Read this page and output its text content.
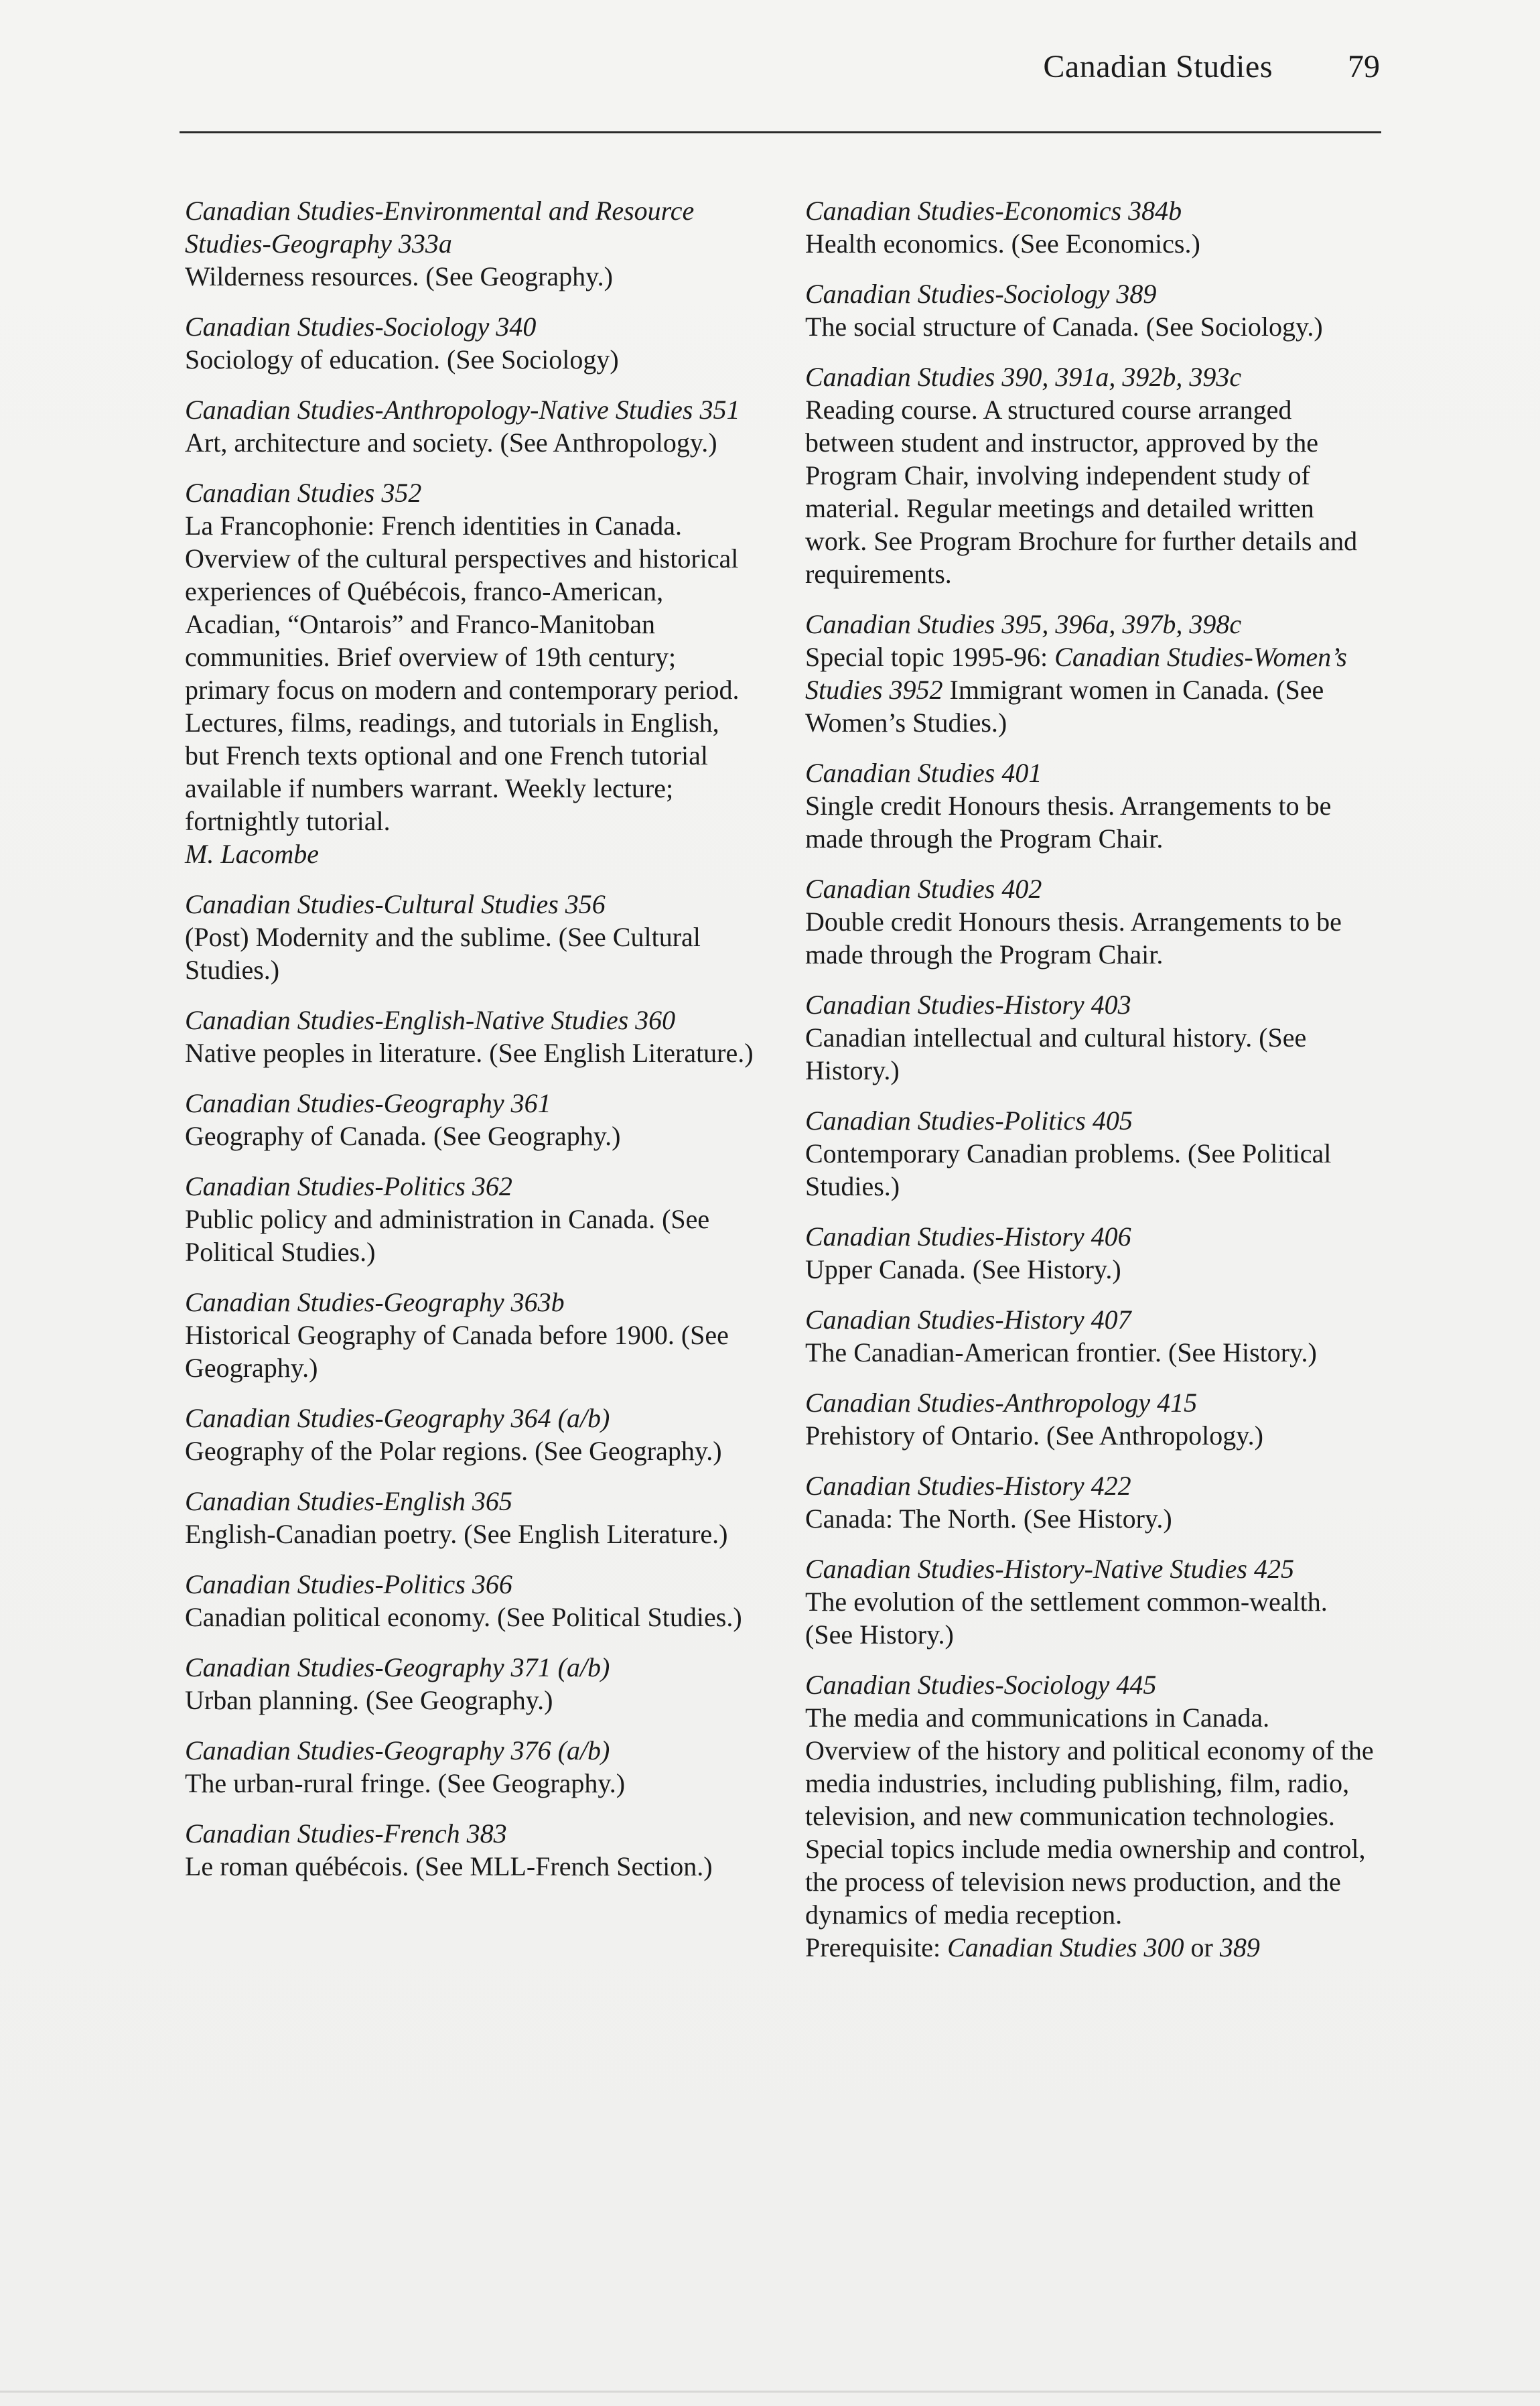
Canadian Studies 79
Canadian Studies-Environmental and Resource Studies-Geography 333a
Wilderness resources. (See Geography.)
Canadian Studies-Sociology 340
Sociology of education. (See Sociology)
Canadian Studies-Anthropology-Native Studies 351
Art, architecture and society. (See Anthropology.)
Canadian Studies 352
La Francophonie: French identities in Canada. Overview of the cultural perspectives and historical experiences of Québécois, franco-American, Acadian, “Ontarois” and Franco-Manitoban communities. Brief overview of 19th century; primary focus on modern and contemporary period. Lectures, films, readings, and tutorials in English, but French texts optional and one French tutorial available if numbers warrant. Weekly lecture; fortnightly tutorial.
M. Lacombe
Canadian Studies-Cultural Studies 356
(Post) Modernity and the sublime. (See Cultural Studies.)
Canadian Studies-English-Native Studies 360
Native peoples in literature. (See English Literature.)
Canadian Studies-Geography 361
Geography of Canada. (See Geography.)
Canadian Studies-Politics 362
Public policy and administration in Canada. (See Political Studies.)
Canadian Studies-Geography 363b
Historical Geography of Canada before 1900. (See Geography.)
Canadian Studies-Geography 364 (a/b)
Geography of the Polar regions. (See Geography.)
Canadian Studies-English 365
English-Canadian poetry. (See English Literature.)
Canadian Studies-Politics 366
Canadian political economy. (See Political Studies.)
Canadian Studies-Geography 371 (a/b)
Urban planning. (See Geography.)
Canadian Studies-Geography 376 (a/b)
The urban-rural fringe. (See Geography.)
Canadian Studies-French 383
Le roman québécois. (See MLL-French Section.)
Canadian Studies-Economics 384b
Health economics. (See Economics.)
Canadian Studies-Sociology 389
The social structure of Canada. (See Sociology.)
Canadian Studies 390, 391a, 392b, 393c
Reading course. A structured course arranged between student and instructor, approved by the Program Chair, involving independent study of material. Regular meetings and detailed written work. See Program Brochure for further details and requirements.
Canadian Studies 395, 396a, 397b, 398c
Special topic 1995-96: Canadian Studies-Women’s Studies 3952 Immigrant women in Canada. (See Women’s Studies.)
Canadian Studies 401
Single credit Honours thesis. Arrangements to be made through the Program Chair.
Canadian Studies 402
Double credit Honours thesis. Arrangements to be made through the Program Chair.
Canadian Studies-History 403
Canadian intellectual and cultural history. (See History.)
Canadian Studies-Politics 405
Contemporary Canadian problems. (See Political Studies.)
Canadian Studies-History 406
Upper Canada. (See History.)
Canadian Studies-History 407
The Canadian-American frontier. (See History.)
Canadian Studies-Anthropology 415
Prehistory of Ontario. (See Anthropology.)
Canadian Studies-History 422
Canada: The North. (See History.)
Canadian Studies-History-Native Studies 425
The evolution of the settlement common-wealth. (See History.)
Canadian Studies-Sociology 445
The media and communications in Canada. Overview of the history and political economy of the media industries, including publishing, film, radio, television, and new communication technologies. Special topics include media ownership and control, the process of television news production, and the dynamics of media reception.
Prerequisite: Canadian Studies 300 or 389
